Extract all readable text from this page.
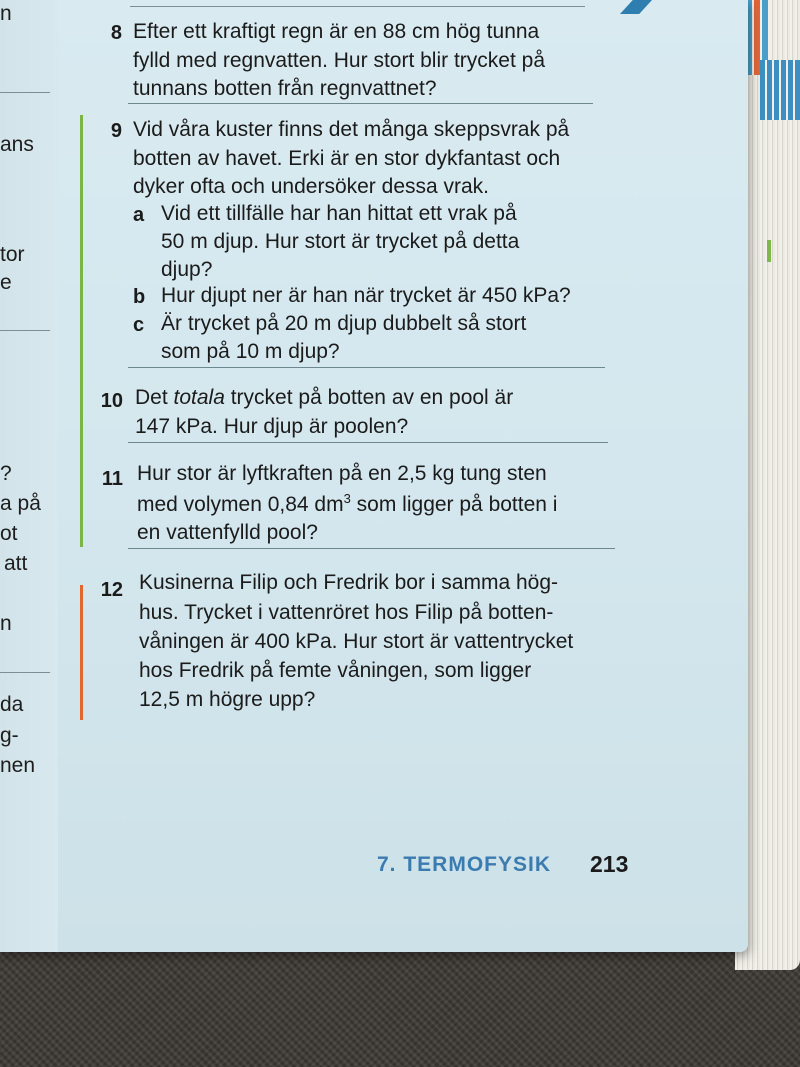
n
ans
tor
e
?
a på
ot
att
n
da
g-
nen
8 Efter ett kraftigt regn är en 88 cm hög tunna
fylld med regnvatten. Hur stort blir trycket på
tunnans botten från regnvattnet?
9 Vid våra kuster finns det många skeppsvrak på
botten av havet. Erki är en stor dykfantast och
dyker ofta och undersöker dessa vrak.
a Vid ett tillfälle har han hittat ett vrak på
50 m djup. Hur stort är trycket på detta
djup?
b Hur djupt ner är han när trycket är 450 kPa?
c Är trycket på 20 m djup dubbelt så stort
som på 10 m djup?
10 Det totala trycket på botten av en pool är
147 kPa. Hur djup är poolen?
11 Hur stor är lyftkraften på en 2,5 kg tung sten
med volymen 0,84 $dm^3$ som ligger på botten i
en vattenfylld pool?
12 Kusinerna Filip och Fredrik bor i samma hög-
hus. Trycket i vattenröret hos Filip på botten-
våningen är 400 kPa. Hur stort är vattentrycket
hos Fredrik på femte våningen, som ligger
12,5 m högre upp?
7. TERMOFYSIK 213
